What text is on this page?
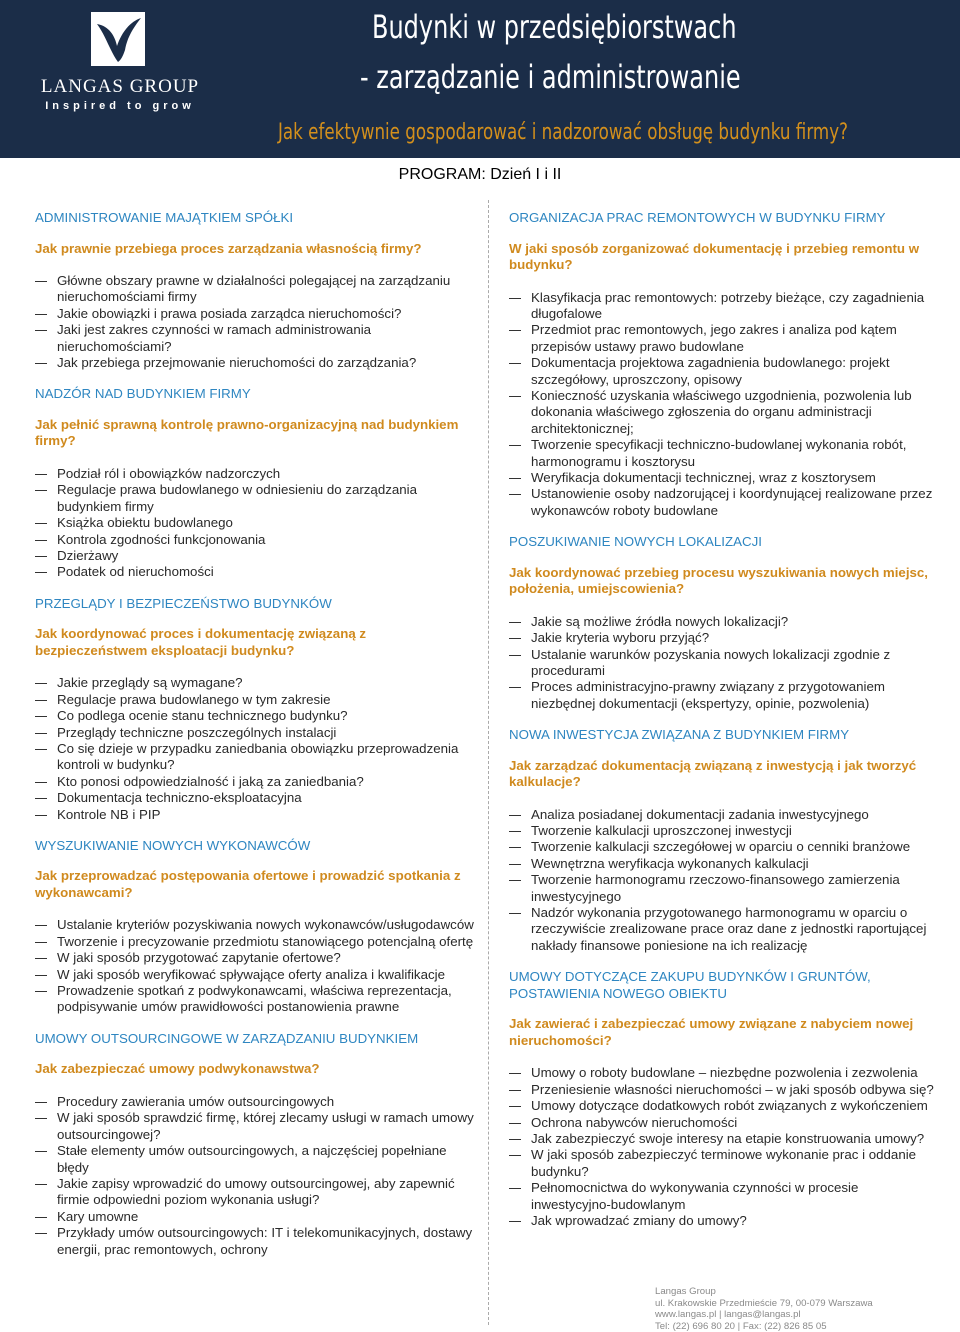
LANGAS GROUP
Inspired to grow
Budynki w przedsiębiorstwach
- zarządzanie i administrowanie
Jak efektywnie gospodarować i nadzorować obsługę budynku firmy?
PROGRAM: Dzień I i II
ADMINISTROWANIE MAJĄTKIEM SPÓŁKI
Jak prawnie przebiega proces zarządzania własnością firmy?
Główne obszary prawne w działalności polegającej na zarządzaniu nieruchomościami firmy
Jakie obowiązki i prawa posiada zarządca nieruchomości?
Jaki jest zakres czynności w ramach administrowania nieruchomościami?
Jak przebiega przejmowanie nieruchomości do zarządzania?
NADZÓR NAD BUDYNKIEM FIRMY
Jak pełnić sprawną kontrolę prawno-organizacyjną nad budynkiem firmy?
Podział ról i obowiązków nadzorczych
Regulacje prawa budowlanego w odniesieniu do zarządzania budynkiem firmy
Książka obiektu budowlanego
Kontrola zgodności funkcjonowania
Dzierżawy
Podatek od nieruchomości
PRZEGLĄDY I BEZPIECZEŃSTWO BUDYNKÓW
Jak koordynować proces i dokumentację związaną z bezpieczeństwem eksploatacji budynku?
Jakie przeglądy są wymagane?
Regulacje prawa budowlanego w tym zakresie
Co podlega ocenie stanu technicznego budynku?
Przeglądy techniczne poszczególnych instalacji
Co się dzieje w przypadku zaniedbania obowiązku przeprowadzenia kontroli w budynku?
Kto ponosi odpowiedzialność i jaką za zaniedbania?
Dokumentacja techniczno-eksploatacyjna
Kontrole NB i PIP
WYSZUKIWANIE NOWYCH WYKONAWCÓW
Jak przeprowadzać postępowania ofertowe i prowadzić spotkania z wykonawcami?
Ustalanie kryteriów pozyskiwania nowych wykonawców/usługodawców
Tworzenie i precyzowanie przedmiotu stanowiącego potencjalną ofertę
W jaki sposób przygotować zapytanie ofertowe?
W jaki sposób weryfikować spływające oferty analiza i kwalifikacje
Prowadzenie spotkań z podwykonawcami, właściwa reprezentacja, podpisywanie umów prawidłowości postanowienia prawne
UMOWY OUTSOURCINGOWE W ZARZĄDZANIU BUDYNKIEM
Jak zabezpieczać umowy podwykonawstwa?
Procedury zawierania umów outsourcingowych
W jaki sposób sprawdzić firmę, której zlecamy usługi w ramach umowy outsourcingowej?
Stałe elementy umów outsourcingowych, a najczęściej popełniane błędy
Jakie zapisy wprowadzić do umowy outsourcingowej, aby zapewnić firmie odpowiedni poziom wykonania usługi?
Kary umowne
Przykłady umów outsourcingowych: IT i telekomunikacyjnych, dostawy energii, prac remontowych, ochrony
ORGANIZACJA PRAC REMONTOWYCH W BUDYNKU FIRMY
W jaki sposób zorganizować dokumentację i przebieg remontu w budynku?
Klasyfikacja prac remontowych: potrzeby bieżące, czy zagadnienia długofalowe
Przedmiot prac remontowych, jego zakres i analiza pod kątem przepisów ustawy prawo budowlane
Dokumentacja projektowa zagadnienia budowlanego: projekt szczegółowy, uproszczony, opisowy
Konieczność uzyskania właściwego uzgodnienia, pozwolenia lub dokonania właściwego zgłoszenia do organu administracji architektonicznej;
Tworzenie specyfikacji techniczno-budowlanej wykonania robót, harmonogramu i kosztorysu
Weryfikacja dokumentacji technicznej, wraz z kosztorysem
Ustanowienie osoby nadzorującej i koordynującej realizowane przez wykonawców roboty budowlane
POSZUKIWANIE NOWYCH LOKALIZACJI
Jak koordynować przebieg procesu wyszukiwania nowych miejsc, położenia, umiejscowienia?
Jakie są możliwe źródła nowych lokalizacji?
Jakie kryteria wyboru przyjąć?
Ustalanie warunków pozyskania nowych lokalizacji zgodnie z procedurami
Proces administracyjno-prawny związany z przygotowaniem niezbędnej dokumentacji (ekspertyzy, opinie, pozwolenia)
NOWA INWESTYCJA ZWIĄZANA Z BUDYNKIEM FIRMY
Jak zarządzać dokumentacją związaną z inwestycją i jak tworzyć kalkulacje?
Analiza posiadanej dokumentacji zadania inwestycyjnego
Tworzenie kalkulacji uproszczonej inwestycji
Tworzenie kalkulacji szczegółowej w oparciu o cenniki branżowe
Wewnętrzna weryfikacja wykonanych kalkulacji
Tworzenie harmonogramu rzeczowo-finansowego zamierzenia inwestycyjnego
Nadzór wykonania przygotowanego harmonogramu w oparciu o rzeczywiście zrealizowane prace oraz dane z jednostki raportującej nakłady finansowe poniesione na ich realizację
UMOWY DOTYCZĄCE ZAKUPU BUDYNKÓW I GRUNTÓW, POSTAWIENIA NOWEGO OBIEKTU
Jak zawierać i zabezpieczać umowy związane z nabyciem nowej nieruchomości?
Umowy o roboty budowlane – niezbędne pozwolenia i zezwolenia
Przeniesienie własności nieruchomości – w jaki sposób odbywa się?
Umowy dotyczące dodatkowych robót związanych z wykończeniem
Ochrona nabywców nieruchomości
Jak zabezpieczyć swoje interesy na etapie konstruowania umowy?
W jaki sposób zabezpieczyć terminowe wykonanie prac i oddanie budynku?
Pełnomocnictwa do wykonywania czynności w procesie inwestycyjno-budowlanym
Jak wprowadzać zmiany do umowy?
Langas Group
ul. Krakowskie Przedmieście 79, 00-079 Warszawa
www.langas.pl | langas@langas.pl
Tel: (22) 696 80 20 | Fax: (22) 826 85 05
